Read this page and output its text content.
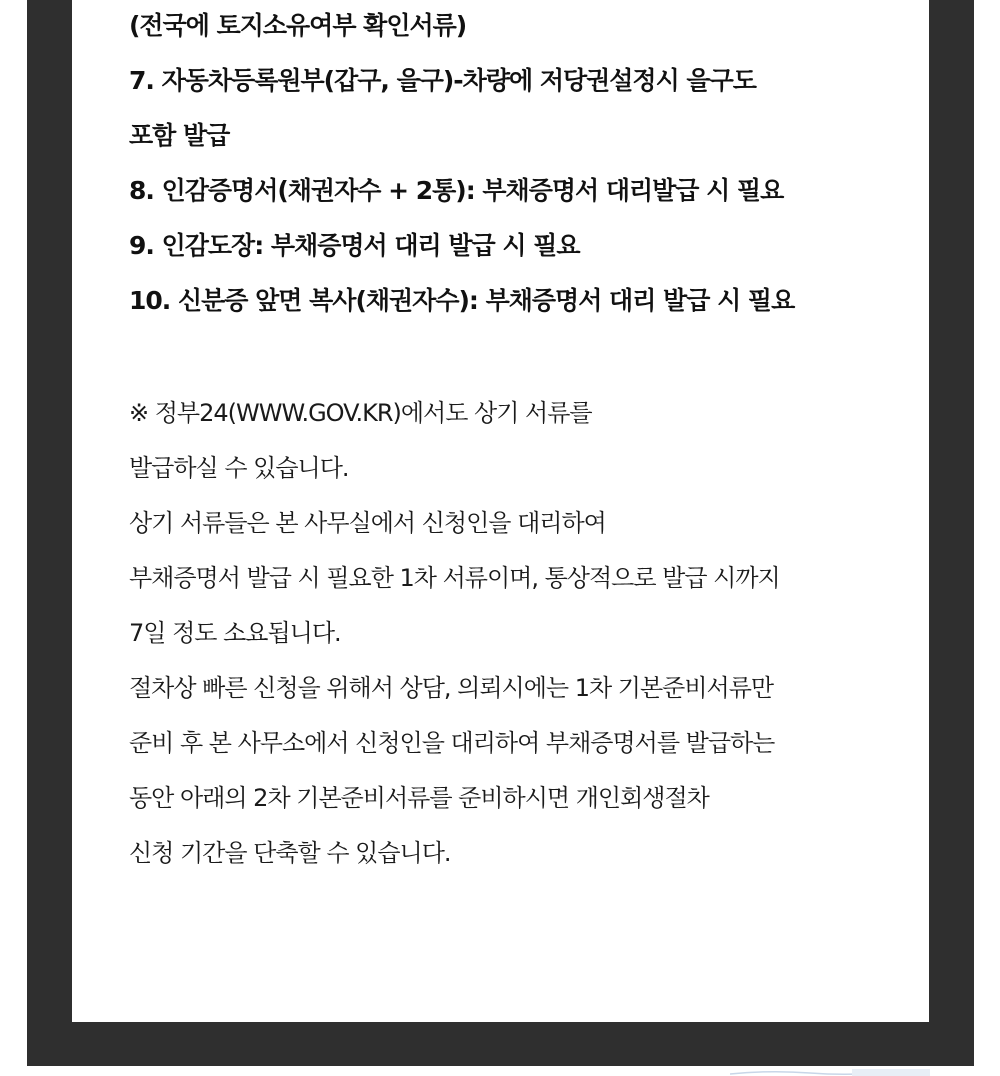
(전국에 토지소유여부 확인서류)
7. 자동차등록원부(갑구, 을구)-차량에 저당권설정시 을구도
포함 발급
8. 인감증명서(채권자수 + 2통): 부채증명서 대리발급 시 필요
9. 인감도장: 부채증명서 대리 발급 시 필요
10. 신분증 앞면 복사(채권자수): 부채증명서 대리 발급 시 필요
※ 정부24(WWW.GOV.KR)에서도 상기 서류를
발급하실 수 있습니다.
상기 서류들은 본 사무실에서 신청인을 대리하여
부채증명서 발급 시 필요한 1차 서류이며, 통상적으로 발급 시까지
7일 정도 소요됩니다.
절차상 빠른 신청을 위해서 상담, 의뢰시에는 1차 기본준비서류만
준비 후 본 사무소에서 신청인을 대리하여 부채증명서를 발급하는
동안 아래의 2차 기본준비서류를 준비하시면 개인회생절차
신청 기간을 단축할 수 있습니다.
